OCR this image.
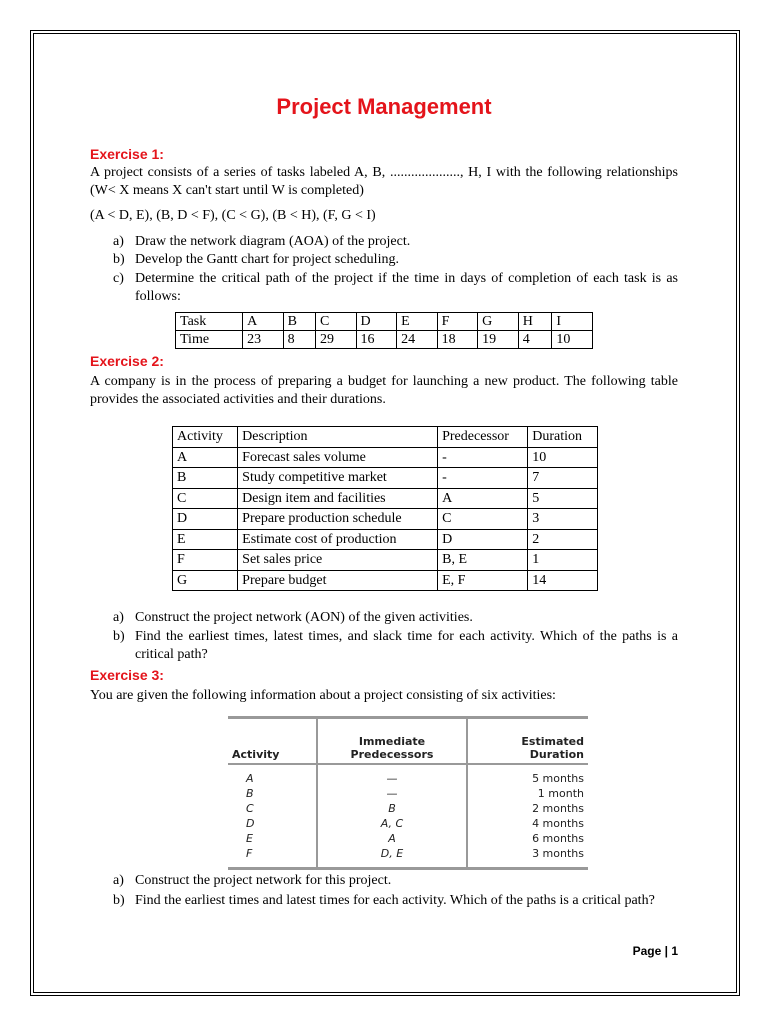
Project Management
Exercise 1:
A project consists of a series of tasks labeled A, B, ...................., H, I with the following relationships (W< X means X can't start until W is completed)
(A < D, E), (B, D < F), (C < G), (B < H), (F, G < I)
a) Draw the network diagram (AOA) of the project.
b) Develop the Gantt chart for project scheduling.
c) Determine the critical path of the project if the time in days of completion of each task is as follows:
Task	A	B	C	D	E	F	G	H	I
Time	23	8	29	16	24	18	19	4	10
Exercise 2:
A company is in the process of preparing a budget for launching a new product. The following table provides the associated activities and their durations.
Activity	Description	Predecessor	Duration
A	Forecast sales volume	-	10
B	Study competitive market	-	7
C	Design item and facilities	A	5
D	Prepare production schedule	C	3
E	Estimate cost of production	D	2
F	Set sales price	B, E	1
G	Prepare budget	E, F	14
a) Construct the project network (AON) of the given activities.
b) Find the earliest times, latest times, and slack time for each activity. Which of the paths is a critical path?
Exercise 3:
You are given the following information about a project consisting of six activities:
Activity	Immediate Predecessors	Estimated Duration
A	—	5 months
B	—	1 month
C	B	2 months
D	A, C	4 months
E	A	6 months
F	D, E	3 months
a) Construct the project network for this project.
b) Find the earliest times and latest times for each activity. Which of the paths is a critical path?
Page | 1
